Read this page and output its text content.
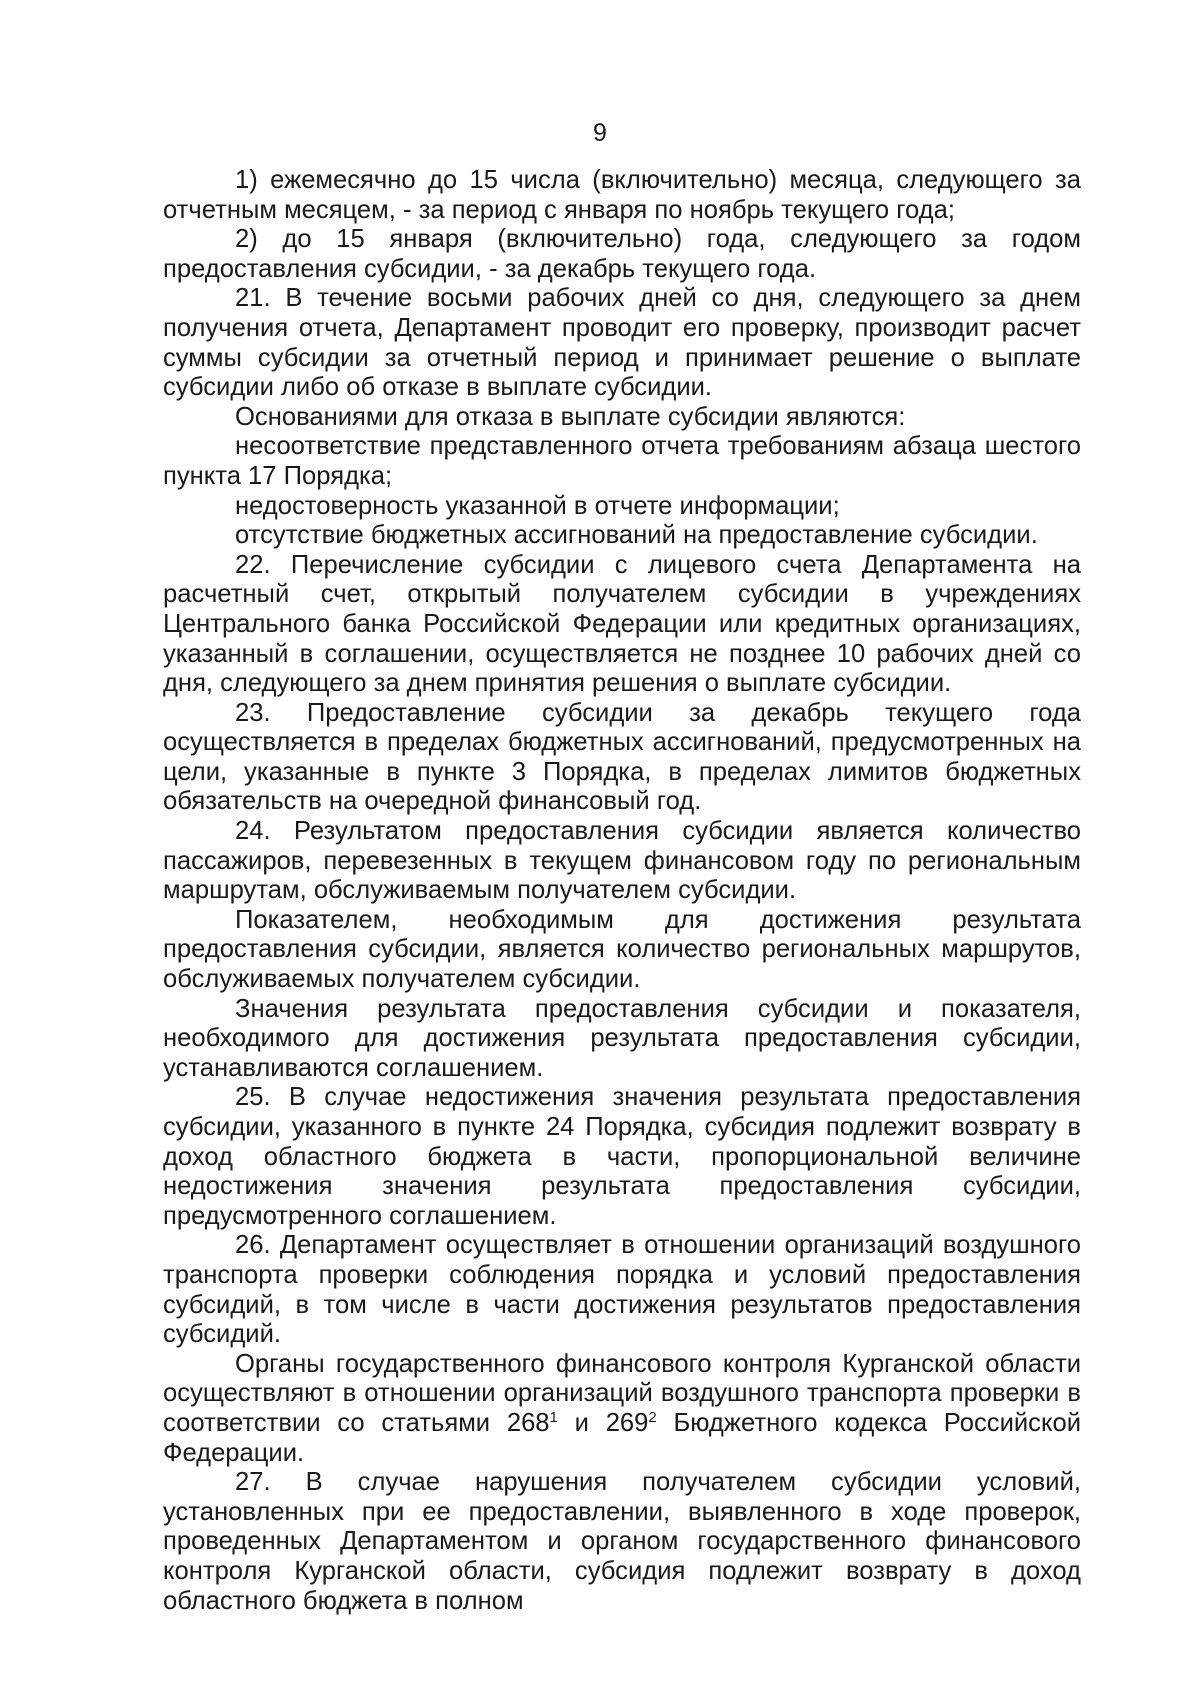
9

1) ежемесячно до 15 числа (включительно) месяца, следующего за отчетным месяцем, - за период с января по ноябрь текущего года;

2) до 15 января (включительно) года, следующего за годом предоставления субсидии, - за декабрь текущего года.

21. В течение восьми рабочих дней со дня, следующего за днем получения отчета, Департамент проводит его проверку, производит расчет суммы субсидии за отчетный период и принимает решение о выплате субсидии либо об отказе в выплате субсидии.

Основаниями для отказа в выплате субсидии являются:

несоответствие представленного отчета требованиям абзаца шестого пункта 17 Порядка;

недостоверность указанной в отчете информации;

отсутствие бюджетных ассигнований на предоставление субсидии.

22. Перечисление субсидии с лицевого счета Департамента на расчетный счет, открытый получателем субсидии в учреждениях Центрального банка Российской Федерации или кредитных организациях, указанный в соглашении, осуществляется не позднее 10 рабочих дней со дня, следующего за днем принятия решения о выплате субсидии.

23. Предоставление субсидии за декабрь текущего года осуществляется в пределах бюджетных ассигнований, предусмотренных на цели, указанные в пункте 3 Порядка, в пределах лимитов бюджетных обязательств на очередной финансовый год.

24. Результатом предоставления субсидии является количество пассажиров, перевезенных в текущем финансовом году по региональным маршрутам, обслуживаемым получателем субсидии.

Показателем, необходимым для достижения результата предоставления субсидии, является количество региональных маршрутов, обслуживаемых получателем субсидии.

Значения результата предоставления субсидии и показателя, необходимого для достижения результата предоставления субсидии, устанавливаются соглашением.

25. В случае недостижения значения результата предоставления субсидии, указанного в пункте 24 Порядка, субсидия подлежит возврату в доход областного бюджета в части, пропорциональной величине недостижения значения результата предоставления субсидии, предусмотренного соглашением.

26. Департамент осуществляет в отношении организаций воздушного транспорта проверки соблюдения порядка и условий предоставления субсидий, в том числе в части достижения результатов предоставления субсидий.

Органы государственного финансового контроля Курганской области осуществляют в отношении организаций воздушного транспорта проверки в соответствии со статьями $268^1$ и $269^2$ Бюджетного кодекса Российской Федерации.

27. В случае нарушения получателем субсидии условий, установленных при ее предоставлении, выявленного в ходе проверок, проведенных Департаментом и органом государственного финансового контроля Курганской области, субсидия подлежит возврату в доход областного бюджета в полном
